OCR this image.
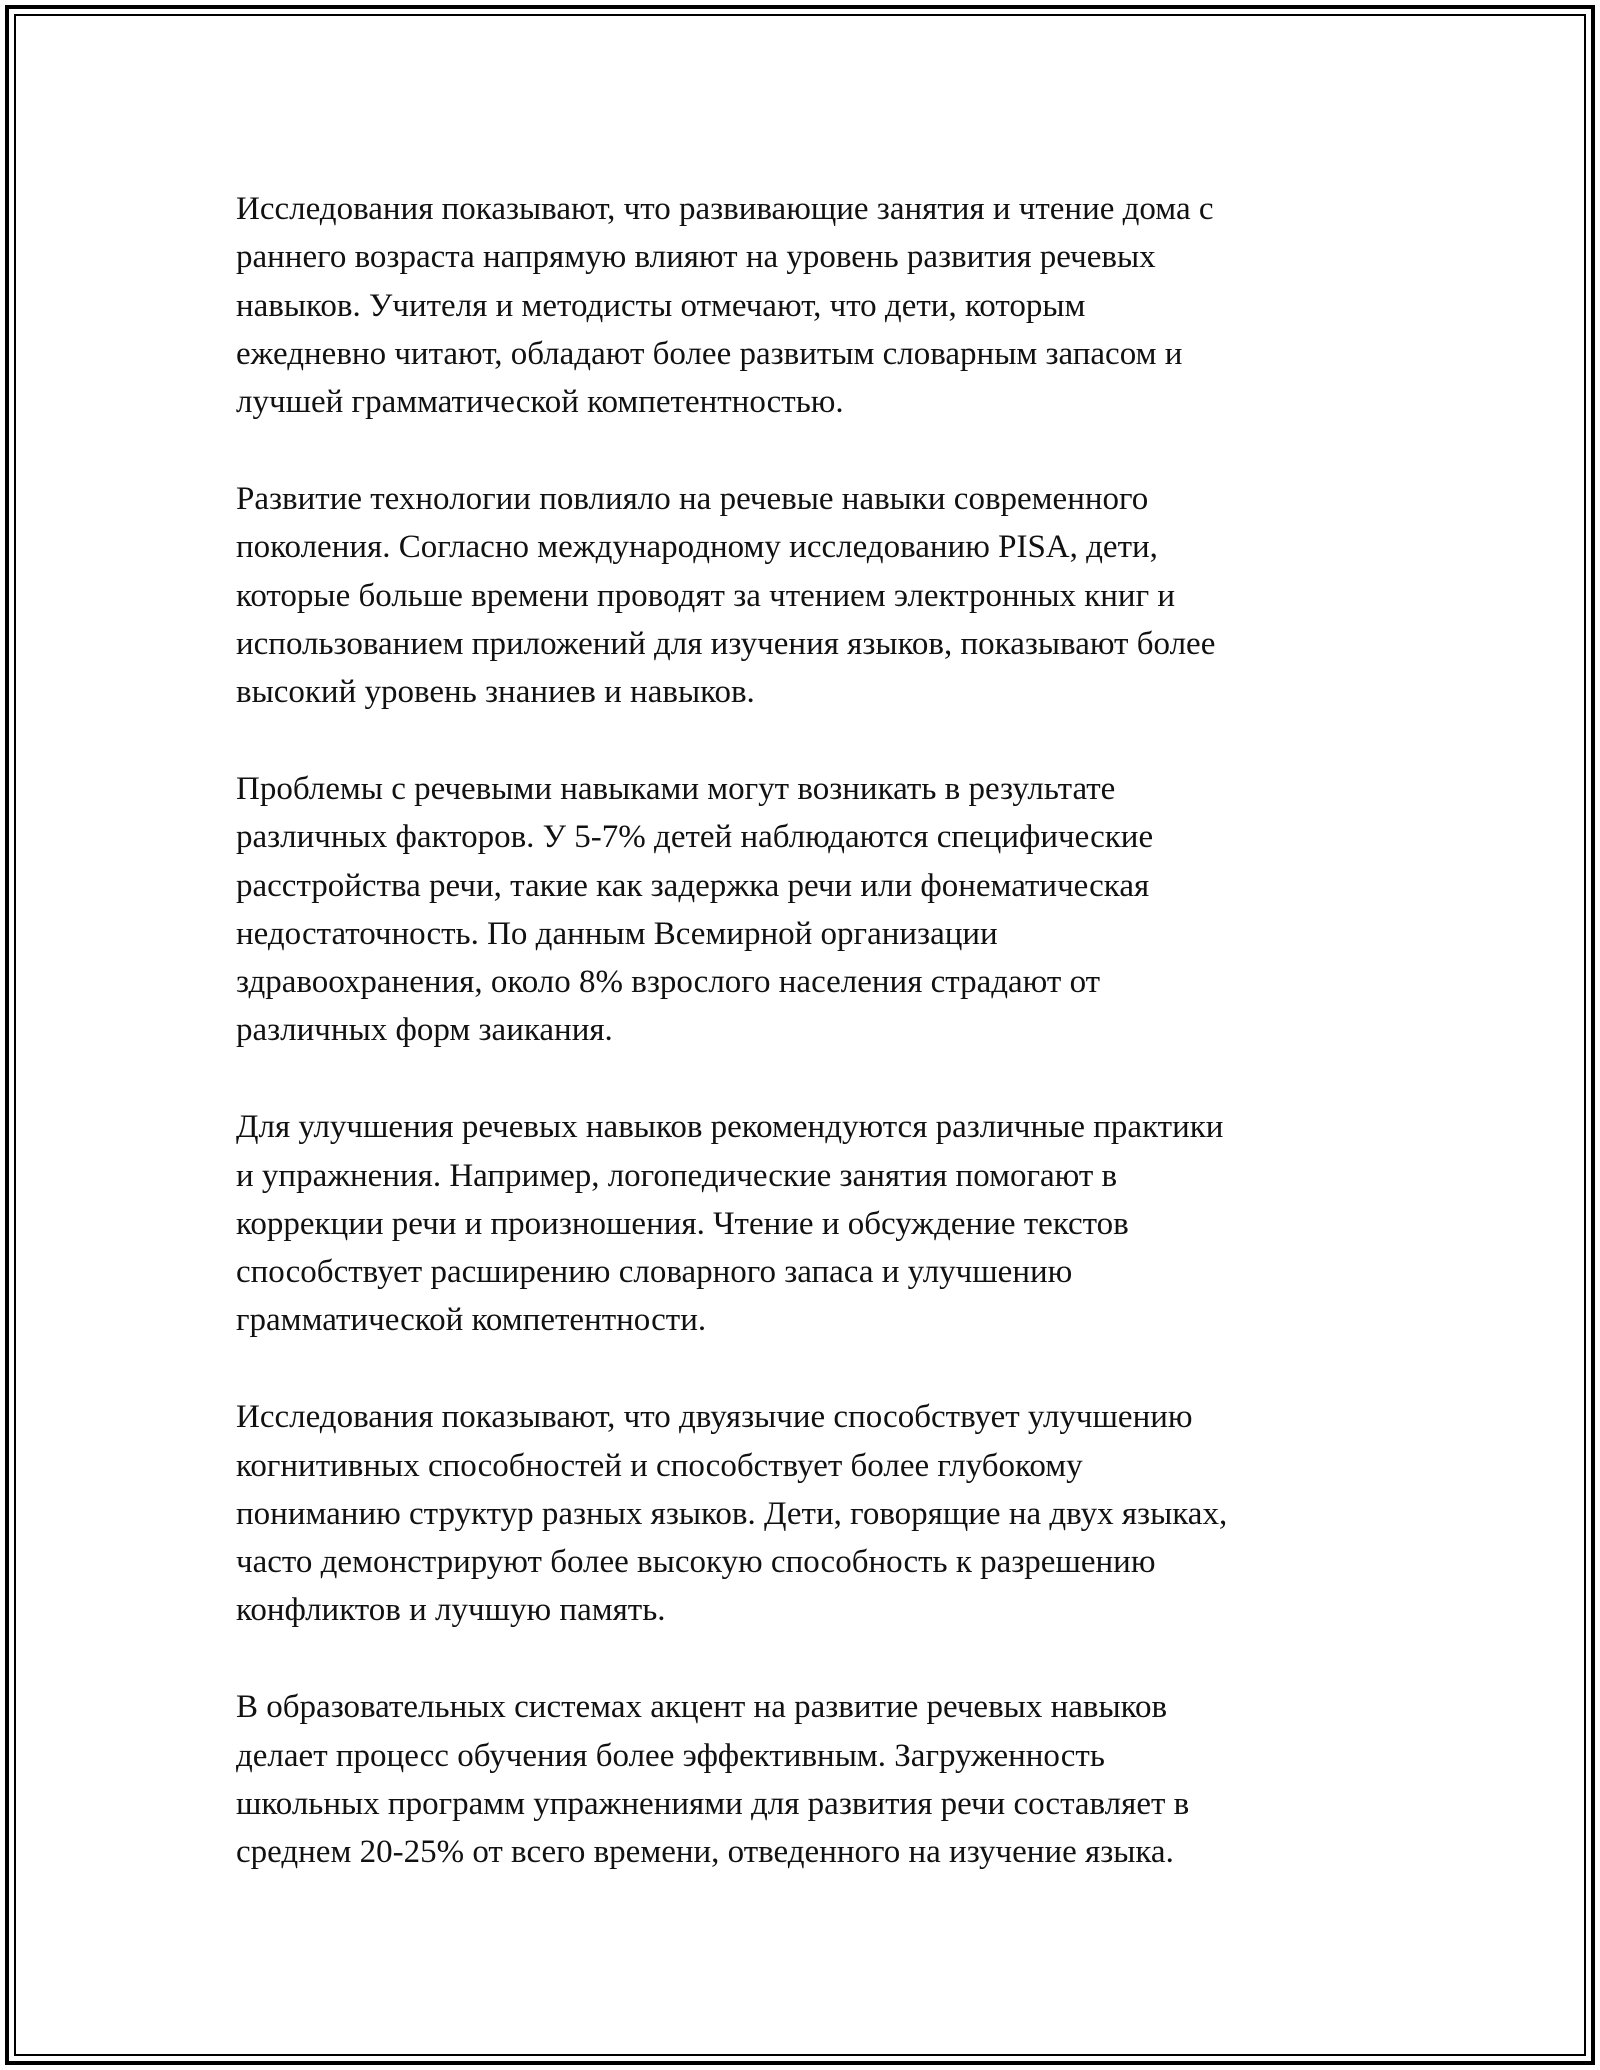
Исследования показывают, что развивающие занятия и чтение дома с
раннего возраста напрямую влияют на уровень развития речевых
навыков. Учителя и методисты отмечают, что дети, которым
ежедневно читают, обладают более развитым словарным запасом и
лучшей грамматической компетентностью.

Развитие технологии повлияло на речевые навыки современного
поколения. Согласно международному исследованию PISA, дети,
которые больше времени проводят за чтением электронных книг и
использованием приложений для изучения языков, показывают более
высокий уровень знаниев и навыков.

Проблемы с речевыми навыками могут возникать в результате
различных факторов. У 5-7% детей наблюдаются специфические
расстройства речи, такие как задержка речи или фонематическая
недостаточность. По данным Всемирной организации
здравоохранения, около 8% взрослого населения страдают от
различных форм заикания.

Для улучшения речевых навыков рекомендуются различные практики
и упражнения. Например, логопедические занятия помогают в
коррекции речи и произношения. Чтение и обсуждение текстов
способствует расширению словарного запаса и улучшению
грамматической компетентности.

Исследования показывают, что двуязычие способствует улучшению
когнитивных способностей и способствует более глубокому
пониманию структур разных языков. Дети, говорящие на двух языках,
часто демонстрируют более высокую способность к разрешению
конфликтов и лучшую память.

В образовательных системах акцент на развитие речевых навыков
делает процесс обучения более эффективным. Загруженность
школьных программ упражнениями для развития речи составляет в
среднем 20-25% от всего времени, отведенного на изучение языка.
